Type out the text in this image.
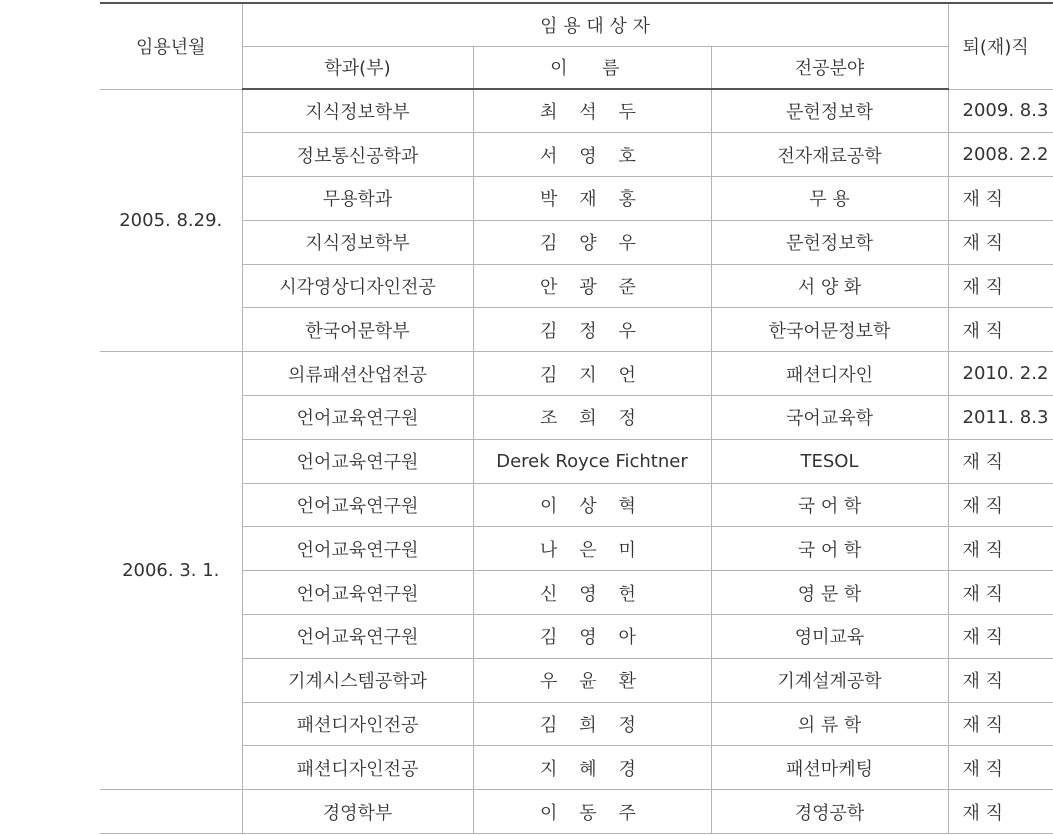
임용년월	임 용 대 상 자			퇴(재)직
	학과(부)	이 름	전공분야	
2005. 8.29.	지식정보학부	최 석 두	문헌정보학	2009. 8.3
	정보통신공학과	서 영 호	전자재료공학	2008. 2.2
	무용학과	박 재 홍	무 용	재 직
	지식정보학부	김 양 우	문헌정보학	재 직
	시각영상디자인전공	안 광 준	서 양 화	재 직
	한국어문학부	김 정 우	한국어문정보학	재 직
2006. 3. 1.	의류패션산업전공	김 지 언	패션디자인	2010. 2.2
	언어교육연구원	조 희 정	국어교육학	2011. 8.3
	언어교육연구원	Derek Royce Fichtner	TESOL	재 직
	언어교육연구원	이 상 혁	국 어 학	재 직
	언어교육연구원	나 은 미	국 어 학	재 직
	언어교육연구원	신 영 헌	영 문 학	재 직
	언어교육연구원	김 영 아	영미교육	재 직
	기계시스템공학과	우 윤 환	기계설계공학	재 직
	패션디자인전공	김 희 정	의 류 학	재 직
	패션디자인전공	지 혜 경	패션마케팅	재 직
	경영학부	이 동 주	경영공학	재 직
